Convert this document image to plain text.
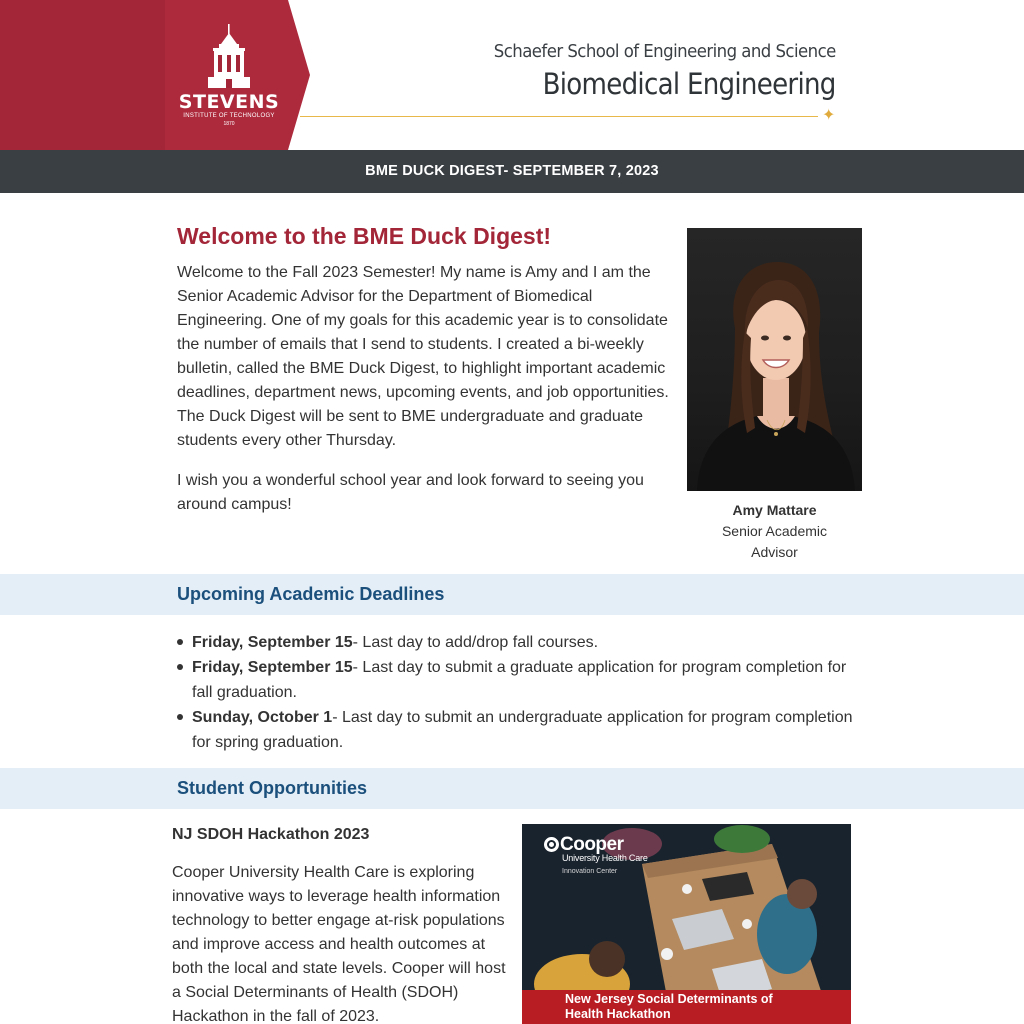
STEVENS
INSTITUTE OF TECHNOLOGY
1870
Schaefer School of Engineering and Science
Biomedical Engineering
✦
BME DUCK DIGEST- SEPTEMBER 7, 2023
Welcome to the BME Duck Digest!

Welcome to the Fall 2023 Semester! My name is Amy and I am the Senior Academic Advisor for the Department of Biomedical Engineering. One of my goals for this academic year is to consolidate the number of emails that I send to students. I created a bi-weekly bulletin, called the BME Duck Digest, to highlight important academic deadlines, department news, upcoming events, and job opportunities. The Duck Digest will be sent to BME undergraduate and graduate students every other Thursday.

I wish you a wonderful school year and look forward to seeing you around campus!	Amy Mattare
Senior Academic Advisor
Upcoming Academic Deadlines
Friday, September 15- Last day to add/drop fall courses.
Friday, September 15- Last day to submit a graduate application for program completion for fall graduation.
Sunday, October 1- Last day to submit an undergraduate application for program completion for spring graduation.
Student Opportunities
NJ SDOH Hackathon 2023
Cooper University Health Care is exploring innovative ways to leverage health information technology to better engage at-risk populations and improve access and health outcomes at both the local and state levels. Cooper will host a Social Determinants of Health (SDOH) Hackathon in the fall of 2023.
Cooper
University Health Care
Innovation Center
New Jersey Social Determinants of Health Hackathon
